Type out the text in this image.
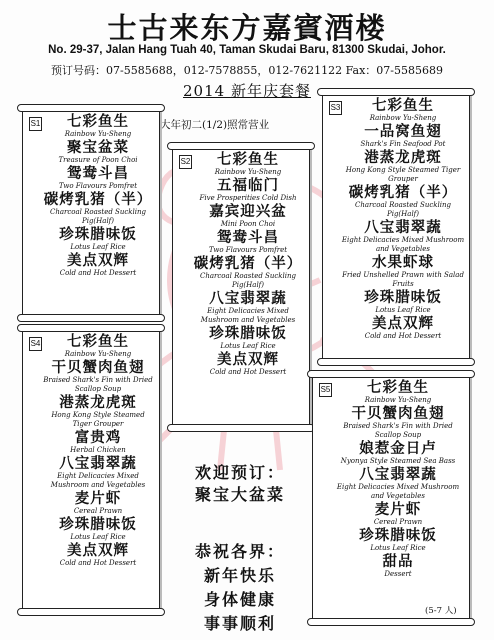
士古来东方嘉賓酒楼
No. 29-37, Jalan Hang Tuah 40, Taman Skudai Baru, 81300 Skudai, Johor.
预订号码：07-5585688，012-7578855，012-7621122 Fax：07-5585689
2014 新年庆套餐
大年初二(1/2)照常营业
S1	七彩鱼生
Rainbow Yu-Sheng
聚宝盆菜
Treasure of Poon Choi
鸳鸯斗昌
Two Flavours Pomfret
碳烤乳猪（半）
Charcoal Roasted Suckling Pig(Half)
珍珠腊味饭
Lotus Leaf Rice
美点双辉
Cold and Hot Dessert
S2	七彩鱼生
Rainbow Yu-Sheng
五福临门
Five Prosperities Cold Dish
嘉宾迎兴盆
Mini Poon Choi
鸳鸯斗昌
Two Flavours Pomfret
碳烤乳猪（半）
Charcoal Roasted Suckling Pig(Half)
八宝翡翠蔬
Eight Delicacies Mixed Mushroom and Vegetables
珍珠腊味饭
Lotus Leaf Rice
美点双辉
Cold and Hot Dessert
S3	七彩鱼生
Rainbow Yu-Sheng
一品窝鱼翅
Shark's Fin Seafood Pot
港蒸龙虎斑
Hong Kong Style Steamed Tiger Grouper
碳烤乳猪（半）
Charcoal Roasted Suckling Pig(Half)
八宝翡翠蔬
Eight Delicacies Mixed Mushroom and Vegetables
水果虾球
Fried Unshelled Prawn with Salad Fruits
珍珠腊味饭
Lotus Leaf Rice
美点双辉
Cold and Hot Dessert
S4	七彩鱼生
Rainbow Yu-Sheng
干贝蟹肉鱼翅
Braised Shark's Fin with Dried Scallop Soup
港蒸龙虎斑
Hong Kong Style Steamed Tiger Grouper
富贵鸡
Herbal Chicken
八宝翡翠蔬
Eight Delicacies Mixed Mushroom and Vegetables
麦片虾
Cereal Prawn
珍珠腊味饭
Lotus Leaf Rice
美点双辉
Cold and Hot Dessert
S5	七彩鱼生
Rainbow Yu-Sheng
干贝蟹肉鱼翅
Braised Shark's Fin with Dried Scallop Soup
娘惹金日卢
Nyonya Style Steamed Sea Bass
八宝翡翠蔬
Eight Delicacies Mixed Mushroom and Vegetables
麦片虾
Cereal Prawn
珍珠腊味饭
Lotus Leaf Rice
甜品
Dessert
(5-7 人)
欢迎预订：
聚宝大盆菜
恭祝各界：
新年快乐
身体健康
事事顺利
